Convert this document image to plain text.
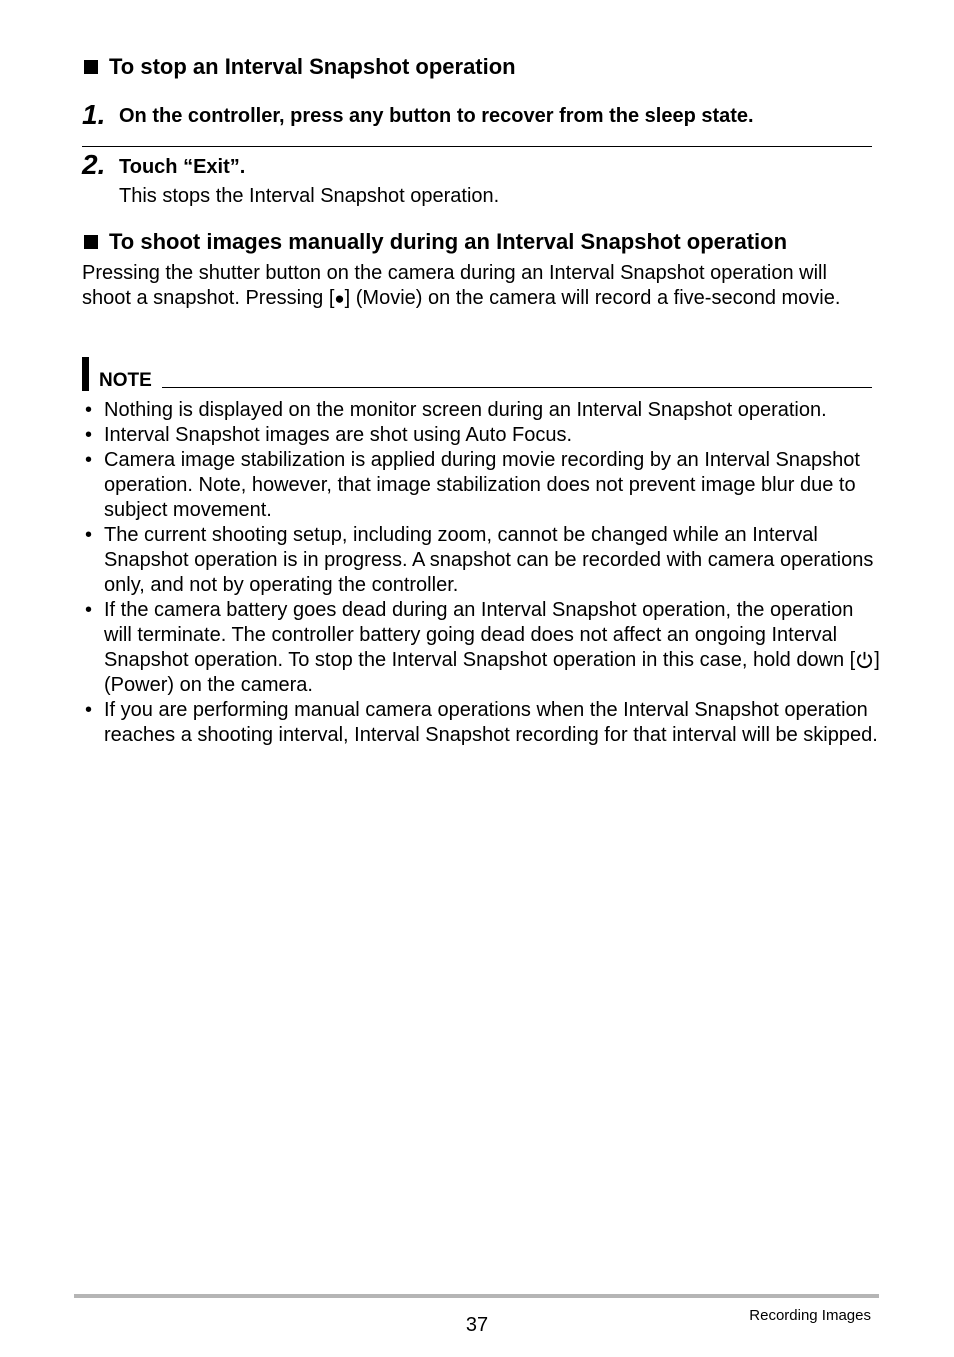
To stop an Interval Snapshot operation
1. On the controller, press any button to recover from the sleep state.
2. Touch “Exit”.
This stops the Interval Snapshot operation.
To shoot images manually during an Interval Snapshot operation
Pressing the shutter button on the camera during an Interval Snapshot operation will shoot a snapshot. Pressing [●] (Movie) on the camera will record a five-second movie.
NOTE
• Nothing is displayed on the monitor screen during an Interval Snapshot operation.
• Interval Snapshot images are shot using Auto Focus.
• Camera image stabilization is applied during movie recording by an Interval Snapshot operation. Note, however, that image stabilization does not prevent image blur due to subject movement.
• The current shooting setup, including zoom, cannot be changed while an Interval Snapshot operation is in progress. A snapshot can be recorded with camera operations only, and not by operating the controller.
• If the camera battery goes dead during an Interval Snapshot operation, the operation will terminate. The controller battery going dead does not affect an ongoing Interval Snapshot operation. To stop the Interval Snapshot operation in this case, hold down [ ] (Power) on the camera.
• If you are performing manual camera operations when the Interval Snapshot operation reaches a shooting interval, Interval Snapshot recording for that interval will be skipped.
37	Recording Images
